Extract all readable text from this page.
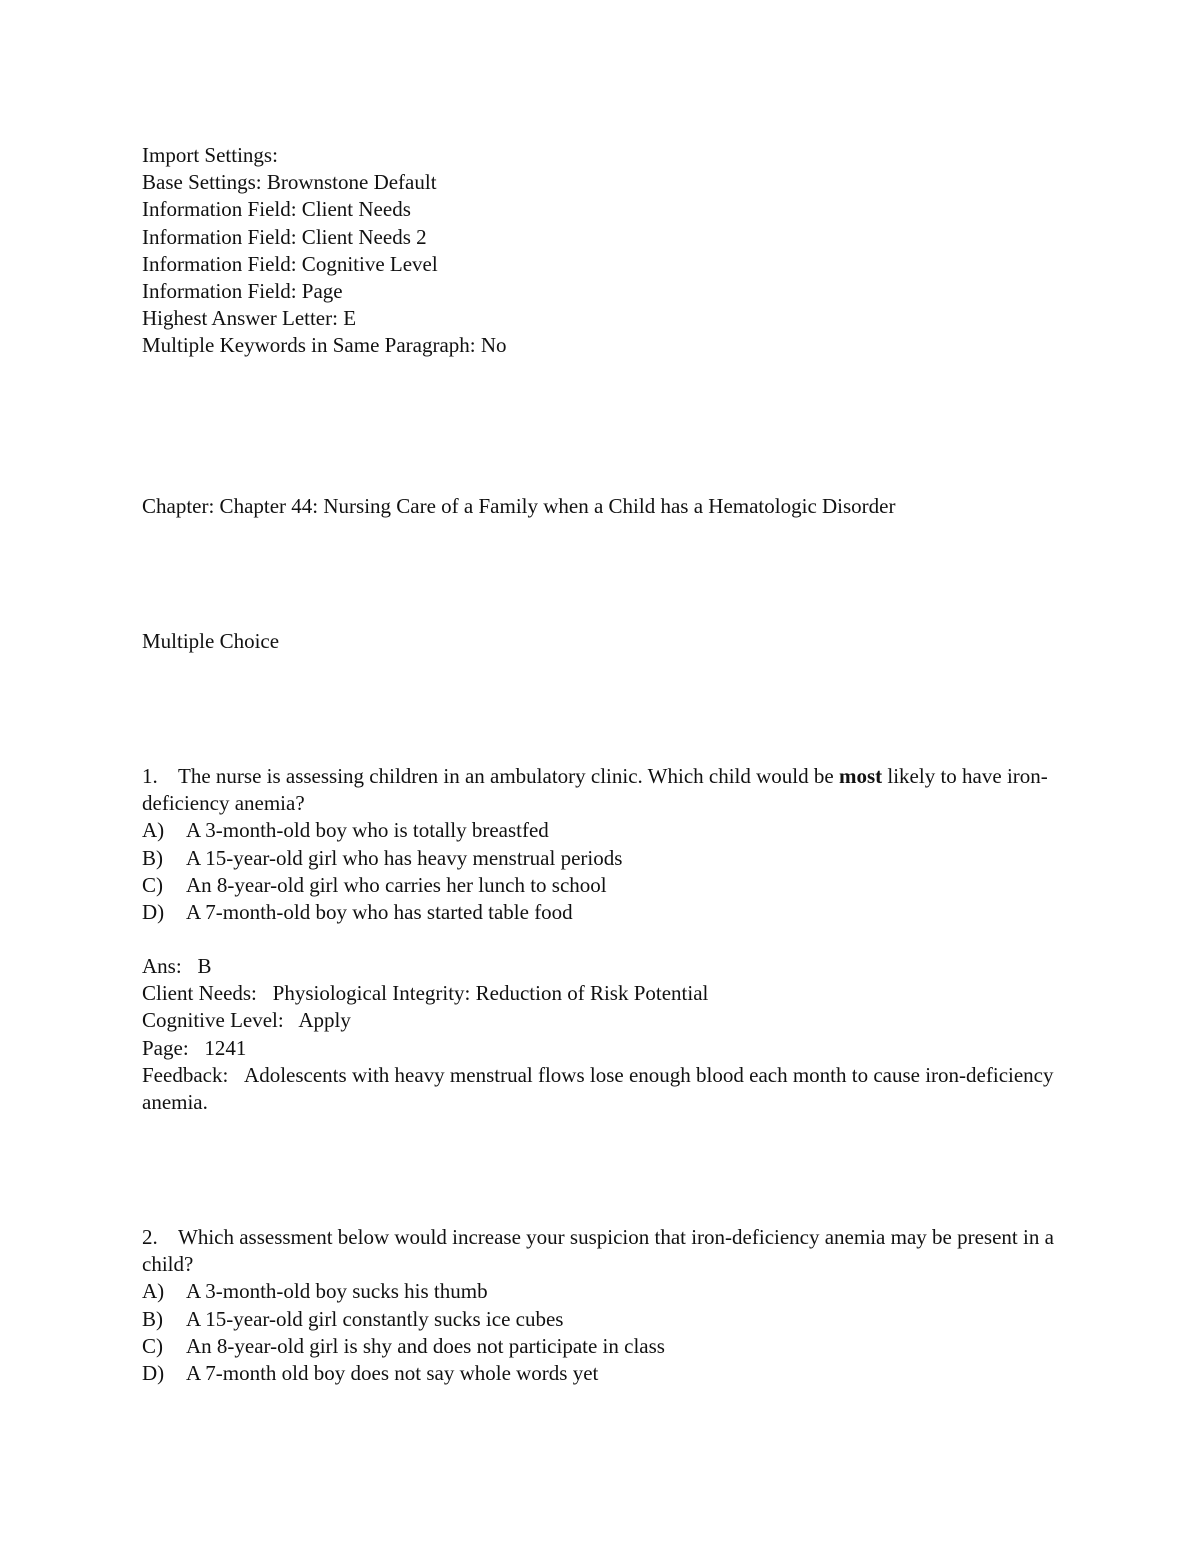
Import Settings:
Base Settings: Brownstone Default
Information Field: Client Needs
Information Field: Client Needs 2
Information Field: Cognitive Level
Information Field: Page
Highest Answer Letter: E
Multiple Keywords in Same Paragraph: No
Chapter: Chapter 44: Nursing Care of a Family when a Child has a Hematologic Disorder
Multiple Choice
1. The nurse is assessing children in an ambulatory clinic. Which child would be most likely to have iron-deficiency anemia?
A) A 3-month-old boy who is totally breastfed
B) A 15-year-old girl who has heavy menstrual periods
C) An 8-year-old girl who carries her lunch to school
D) A 7-month-old boy who has started table food
Ans: B
Client Needs: Physiological Integrity: Reduction of Risk Potential
Cognitive Level: Apply
Page: 1241
Feedback: Adolescents with heavy menstrual flows lose enough blood each month to cause iron-deficiency anemia.
2. Which assessment below would increase your suspicion that iron-deficiency anemia may be present in a child?
A) A 3-month-old boy sucks his thumb
B) A 15-year-old girl constantly sucks ice cubes
C) An 8-year-old girl is shy and does not participate in class
D) A 7-month old boy does not say whole words yet
